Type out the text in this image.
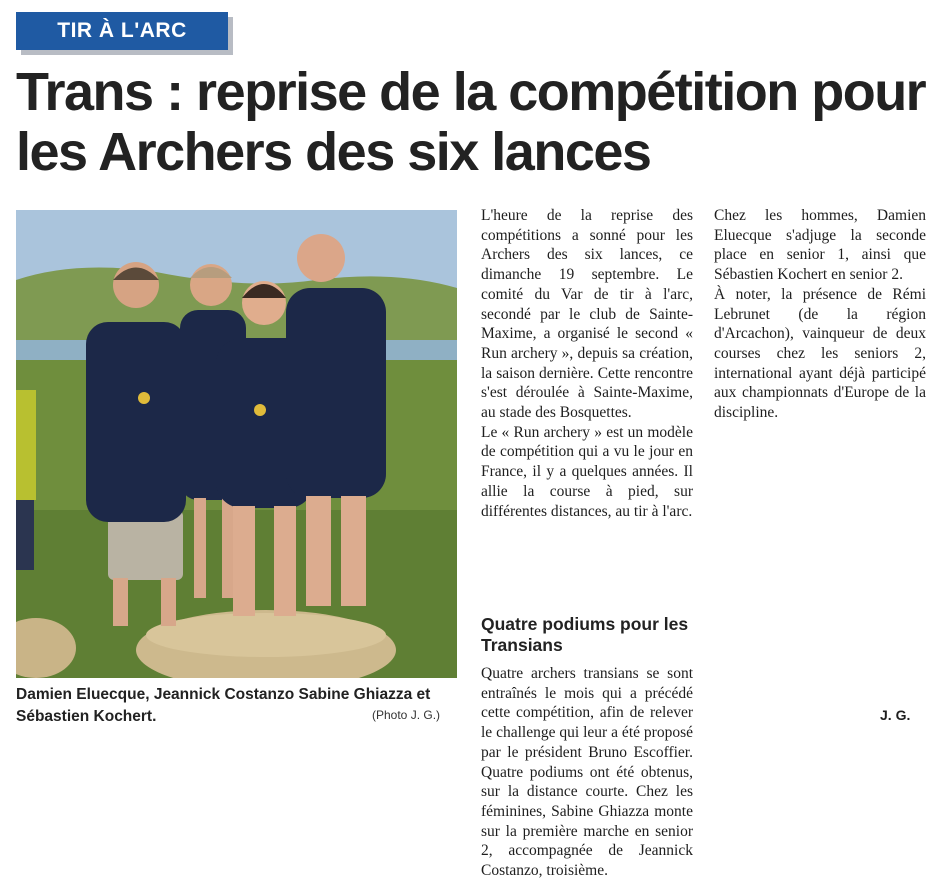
TIR À L'ARC
Trans : reprise de la compétition pour les Archers des six lances
Damien Eluecque, Jeannick Costanzo Sabine Ghiazza et Sébastien Kochert.	(Photo J. G.)

L'heure de la reprise des compétitions a sonné pour les Archers des six lances, ce dimanche 19 septembre. Le comité du Var de tir à l'arc, secondé par le club de Sainte-Maxime, a organisé le second « Run archery », depuis sa création, la saison dernière. Cette rencontre s'est déroulée à Sainte-Maxime, au stade des Bosquettes.

Le « Run archery » est un modèle de compétition qui a vu le jour en France, il y a quelques années. Il allie la course à pied, sur différentes distances, au tir à l'arc.

Quatre podiums pour les Transians

Quatre archers transians se sont entraînés le mois qui a précédé cette compétition, afin de relever le challenge qui leur a été proposé par le président Bruno Escoffier. Quatre podiums ont été obtenus, sur la distance courte. Chez les féminines, Sabine Ghiazza monte sur la première marche en senior 2, accompagnée de Jeannick Costanzo, troisième.

Chez les hommes, Damien Eluecque s'adjuge la seconde place en senior 1, ainsi que Sébastien Kochert en senior 2.

À noter, la présence de Rémi Lebrunet (de la région d'Arcachon), vainqueur de deux courses chez les seniors 2, international ayant déjà participé aux championnats d'Europe de la discipline.

J. G.
